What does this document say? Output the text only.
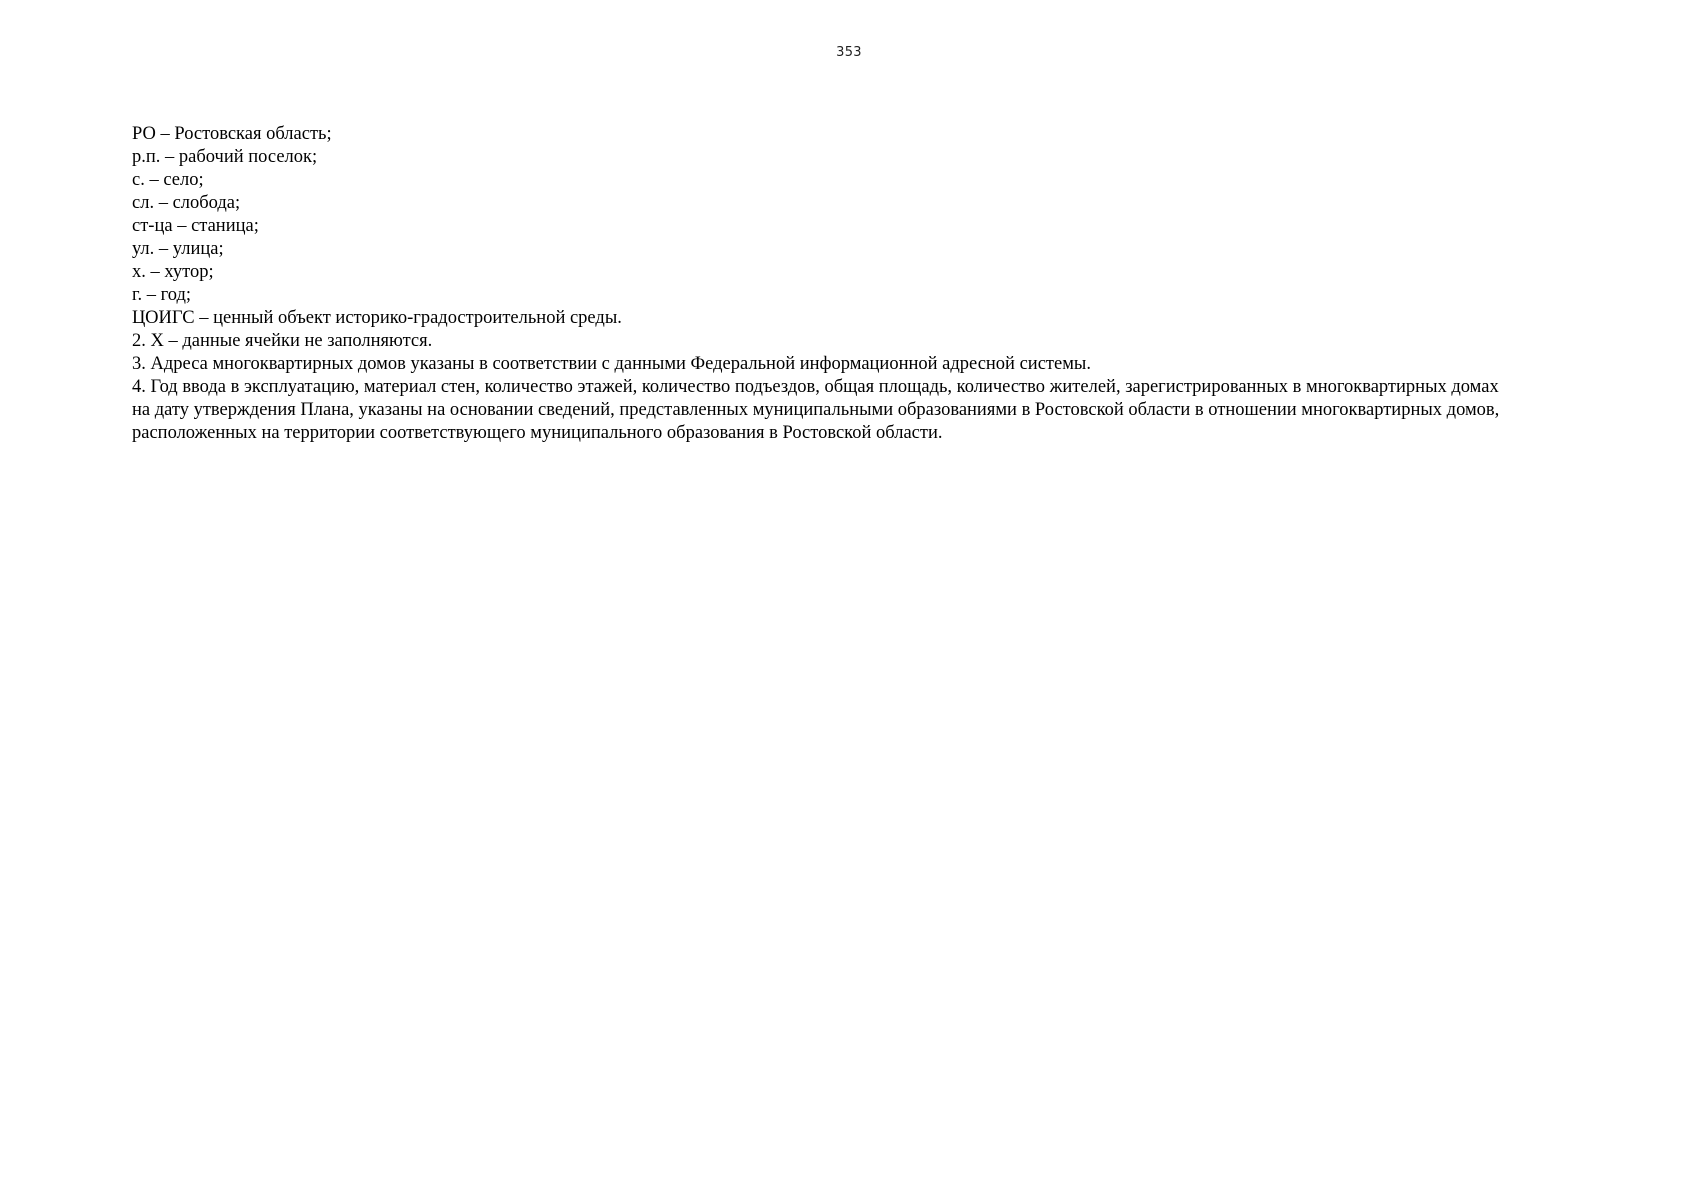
353
РО – Ростовская область;
р.п. – рабочий поселок;
с. – село;
сл. – слобода;
ст-ца – станица;
ул. – улица;
х. – хутор;
г. – год;
ЦОИГС – ценный объект историко-градостроительной среды.
2. Х – данные ячейки не заполняются.
3. Адреса многоквартирных домов указаны в соответствии с данными Федеральной информационной адресной системы.
4. Год ввода в эксплуатацию, материал стен, количество этажей, количество подъездов, общая площадь, количество жителей, зарегистрированных в многоквартирных домах
на дату утверждения Плана, указаны на основании сведений, представленных муниципальными образованиями в Ростовской области в отношении многоквартирных домов,
расположенных на территории соответствующего муниципального образования в Ростовской области.
